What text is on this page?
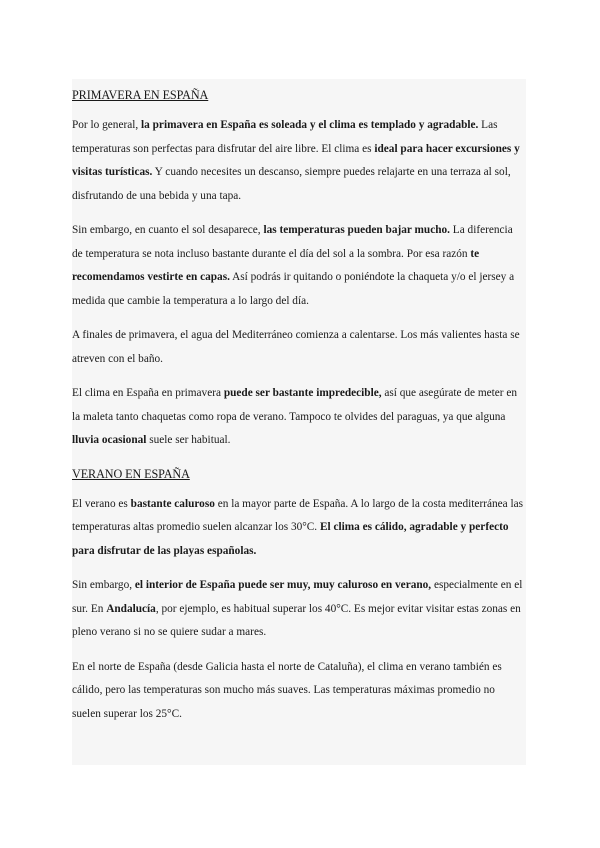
PRIMAVERA EN ESPAÑA

Por lo general, la primavera en España es soleada y el clima es templado y agradable. Las temperaturas son perfectas para disfrutar del aire libre. El clima es ideal para hacer excursiones y visitas turísticas. Y cuando necesites un descanso, siempre puedes relajarte en una terraza al sol, disfrutando de una bebida y una tapa.

Sin embargo, en cuanto el sol desaparece, las temperaturas pueden bajar mucho. La diferencia de temperatura se nota incluso bastante durante el día del sol a la sombra. Por esa razón te recomendamos vestirte en capas. Así podrás ir quitando o poniéndote la chaqueta y/o el jersey a medida que cambie la temperatura a lo largo del día.

A finales de primavera, el agua del Mediterráneo comienza a calentarse. Los más valientes hasta se atreven con el baño.

El clima en España en primavera puede ser bastante impredecible, así que asegúrate de meter en la maleta tanto chaquetas como ropa de verano. Tampoco te olvides del paraguas, ya que alguna lluvia ocasional suele ser habitual.

VERANO EN ESPAÑA

El verano es bastante caluroso en la mayor parte de España. A lo largo de la costa mediterránea las temperaturas altas promedio suelen alcanzar los 30°C. El clima es cálido, agradable y perfecto para disfrutar de las playas españolas.

Sin embargo, el interior de España puede ser muy, muy caluroso en verano, especialmente en el sur. En Andalucía, por ejemplo, es habitual superar los 40°C. Es mejor evitar visitar estas zonas en pleno verano si no se quiere sudar a mares.

En el norte de España (desde Galicia hasta el norte de Cataluña), el clima en verano también es cálido, pero las temperaturas son mucho más suaves. Las temperaturas máximas promedio no suelen superar los 25°C.
